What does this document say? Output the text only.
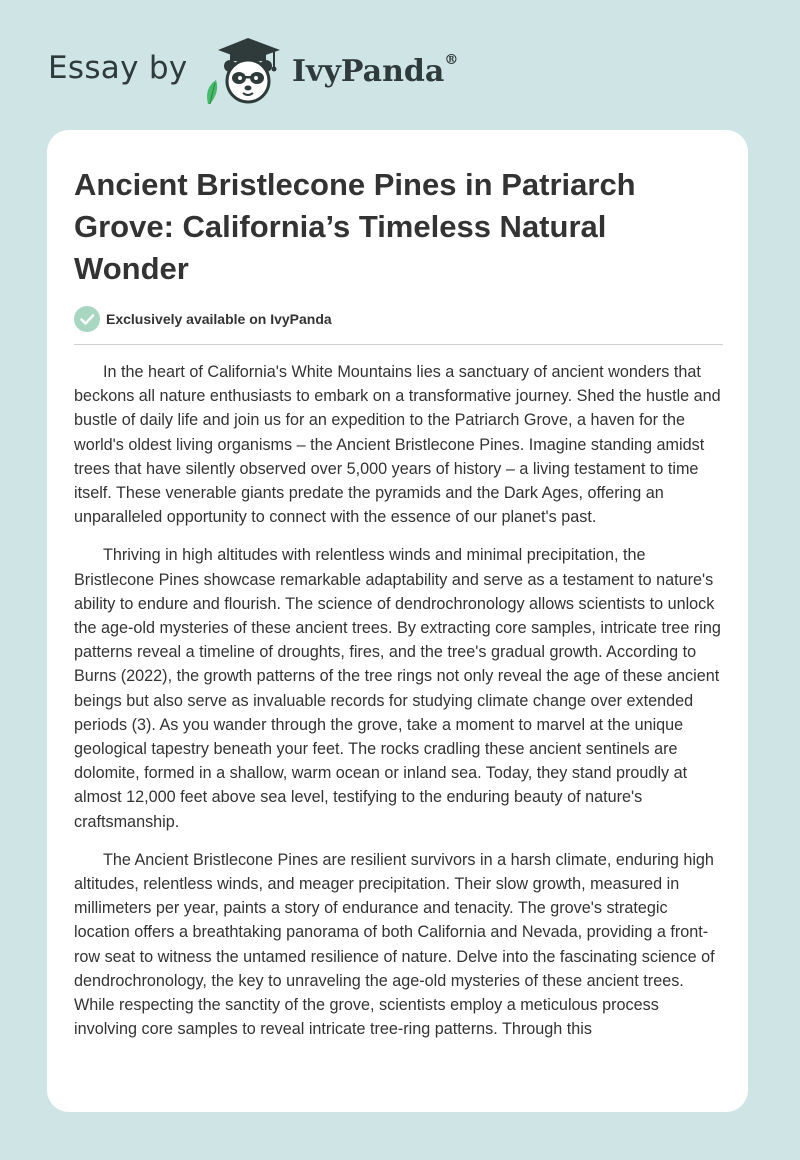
Essay by	IvyPanda®
Ancient Bristlecone Pines in Patriarch Grove: California’s Timeless Natural Wonder
Exclusively available on IvyPanda

In the heart of California's White Mountains lies a sanctuary of ancient wonders that beckons all nature enthusiasts to embark on a transformative journey. Shed the hustle and bustle of daily life and join us for an expedition to the Patriarch Grove, a haven for the world's oldest living organisms – the Ancient Bristlecone Pines. Imagine standing amidst trees that have silently observed over 5,000 years of history – a living testament to time itself. These venerable giants predate the pyramids and the Dark Ages, offering an unparalleled opportunity to connect with the essence of our planet's past.

Thriving in high altitudes with relentless winds and minimal precipitation, the Bristlecone Pines showcase remarkable adaptability and serve as a testament to nature's ability to endure and flourish. The science of dendrochronology allows scientists to unlock the age-old mysteries of these ancient trees. By extracting core samples, intricate tree ring patterns reveal a timeline of droughts, fires, and the tree's gradual growth. According to Burns (2022), the growth patterns of the tree rings not only reveal the age of these ancient beings but also serve as invaluable records for studying climate change over extended periods (3). As you wander through the grove, take a moment to marvel at the unique geological tapestry beneath your feet. The rocks cradling these ancient sentinels are dolomite, formed in a shallow, warm ocean or inland sea. Today, they stand proudly at almost 12,000 feet above sea level, testifying to the enduring beauty of nature's craftsmanship.

The Ancient Bristlecone Pines are resilient survivors in a harsh climate, enduring high altitudes, relentless winds, and meager precipitation. Their slow growth, measured in millimeters per year, paints a story of endurance and tenacity. The grove's strategic location offers a breathtaking panorama of both California and Nevada, providing a front-row seat to witness the untamed resilience of nature. Delve into the fascinating science of dendrochronology, the key to unraveling the age-old mysteries of these ancient trees. While respecting the sanctity of the grove, scientists employ a meticulous process involving core samples to reveal intricate tree-ring patterns. Through this
